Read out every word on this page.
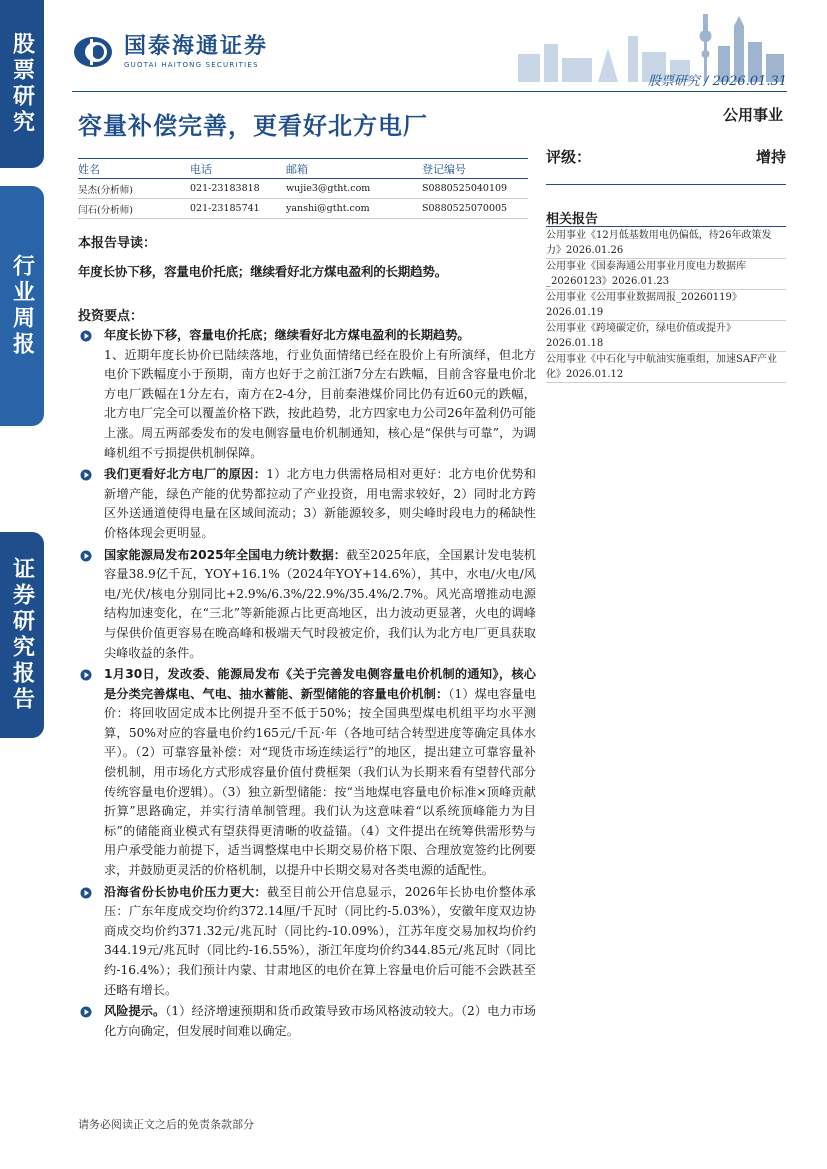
股票研究
行业周报
证券研究报告
国泰海通证券
GUOTAI HAITONG SECURITIES
股票研究 / 2026.01.31
容量补偿完善，更看好北方电厂	公用事业
姓名	电话	邮箱	登记编号
吴杰(分析师)	021-23183818	wujie3@gtht.com	S0880525040109
闫石(分析师)	021-23185741	yanshi@gtht.com	S0880525070005
评级：	增持
相关报告
公用事业《12月低基数用电仍偏低，待26年政策发力》2026.01.26
公用事业《国泰海通公用事业月度电力数据库_20260123》2026.01.23
公用事业《公用事业数据周报_20260119》2026.01.19
公用事业《跨境碳定价，绿电价值或提升》2026.01.18
公用事业《中石化与中航油实施重组，加速SAF产业化》2026.01.12
本报告导读：
年度长协下移，容量电价托底；继续看好北方煤电盈利的长期趋势。
投资要点：
年度长协下移，容量电价托底；继续看好北方煤电盈利的长期趋势。
1、近期年度长协价已陆续落地，行业负面情绪已经在股价上有所演绎，但北方电价下跌幅度小于预期，南方也好于之前江浙7分左右跌幅，目前含容量电价北方电厂跌幅在1分左右，南方在2-4分，目前秦港煤价同比仍有近60元的跌幅，北方电厂完全可以覆盖价格下跌，按此趋势，北方四家电力公司26年盈利仍可能上涨。周五两部委发布的发电侧容量电价机制通知，核心是“保供与可靠”，为调峰机组不亏损提供机制保障。
我们更看好北方电厂的原因：1）北方电力供需格局相对更好：北方电价优势和新增产能，绿色产能的优势都拉动了产业投资，用电需求较好，2）同时北方跨区外送通道使得电量在区域间流动；3）新能源较多，则尖峰时段电力的稀缺性价格体现会更明显。
国家能源局发布2025年全国电力统计数据：截至2025年底，全国累计发电装机容量38.9亿千瓦，YOY+16.1%（2024年YOY+14.6%），其中，水电/火电/风电/光伏/核电分别同比+2.9%/6.3%/22.9%/35.4%/2.7%。风光高增推动电源结构加速变化，在“三北”等新能源占比更高地区，出力波动更显著，火电的调峰与保供价值更容易在晚高峰和极端天气时段被定价，我们认为北方电厂更具获取尖峰收益的条件。
1月30日，发改委、能源局发布《关于完善发电侧容量电价机制的通知》，核心是分类完善煤电、气电、抽水蓄能、新型储能的容量电价机制：（1）煤电容量电价：将回收固定成本比例提升至不低于50%；按全国典型煤电机组平均水平测算，50%对应的容量电价约165元/千瓦·年（各地可结合转型进度等确定具体水平）。（2）可靠容量补偿：对“现货市场连续运行”的地区，提出建立可靠容量补偿机制，用市场化方式形成容量价值付费框架（我们认为长期来看有望替代部分传统容量电价逻辑）。（3）独立新型储能：按“当地煤电容量电价标准×顶峰贡献折算”思路确定，并实行清单制管理。我们认为这意味着“以系统顶峰能力为目标”的储能商业模式有望获得更清晰的收益锚。（4）文件提出在统筹供需形势与用户承受能力前提下，适当调整煤电中长期交易价格下限、合理放宽签约比例要求，并鼓励更灵活的价格机制，以提升中长期交易对各类电源的适配性。
沿海省份长协电价压力更大：截至目前公开信息显示，2026年长协电价整体承压：广东年度成交均价约372.14厘/千瓦时（同比约-5.03%），安徽年度双边协商成交均价约371.32元/兆瓦时（同比约-10.09%），江苏年度交易加权均价约344.19元/兆瓦时（同比约-16.55%），浙江年度均价约344.85元/兆瓦时（同比约-16.4%）；我们预计内蒙、甘肃地区的电价在算上容量电价后可能不会跌甚至还略有增长。
风险提示。（1）经济增速预期和货币政策导致市场风格波动较大。（2）电力市场化方向确定，但发展时间难以确定。
请务必阅读正文之后的免责条款部分
